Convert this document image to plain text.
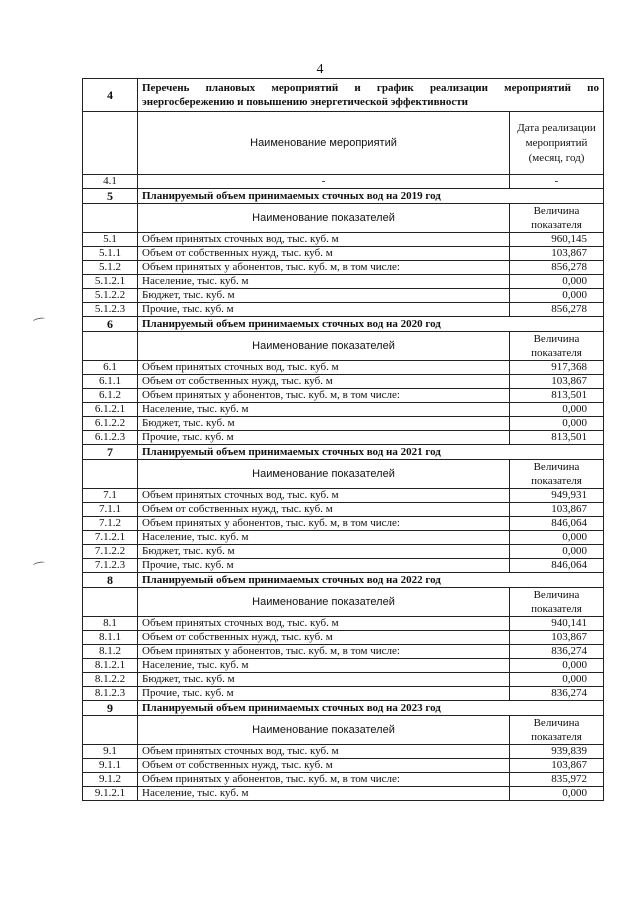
4
4	Перечень плановых мероприятий и график реализации мероприятий по энергосбережению и повышению энергетической эффективности	
	Наименование мероприятий	Дата реализации мероприятий (месяц, год)
4.1	-	-
5	Планируемый объем принимаемых сточных вод на 2019 год	
	Наименование показателей	Величина показателя
5.1	Объем принятых сточных вод, тыс. куб. м	960,145
5.1.1	Объем от собственных нужд, тыс. куб. м	103,867
5.1.2	Объем принятых у абонентов, тыс. куб. м, в том числе:	856,278
5.1.2.1	Население, тыс. куб. м	0,000
5.1.2.2	Бюджет, тыс. куб. м	0,000
5.1.2.3	Прочие, тыс. куб. м	856,278
6	Планируемый объем принимаемых сточных вод на 2020 год	
	Наименование показателей	Величина показателя
6.1	Объем принятых сточных вод, тыс. куб. м	917,368
6.1.1	Объем от собственных нужд, тыс. куб. м	103,867
6.1.2	Объем принятых у абонентов, тыс. куб. м, в том числе:	813,501
6.1.2.1	Население, тыс. куб. м	0,000
6.1.2.2	Бюджет, тыс. куб. м	0,000
6.1.2.3	Прочие, тыс. куб. м	813,501
7	Планируемый объем принимаемых сточных вод на 2021 год	
	Наименование показателей	Величина показателя
7.1	Объем принятых сточных вод, тыс. куб. м	949,931
7.1.1	Объем от собственных нужд, тыс. куб. м	103,867
7.1.2	Объем принятых у абонентов, тыс. куб. м, в том числе:	846,064
7.1.2.1	Население, тыс. куб. м	0,000
7.1.2.2	Бюджет, тыс. куб. м	0,000
7.1.2.3	Прочие, тыс. куб. м	846,064
8	Планируемый объем принимаемых сточных вод на 2022 год	
	Наименование показателей	Величина показателя
8.1	Объем принятых сточных вод, тыс. куб. м	940,141
8.1.1	Объем от собственных нужд, тыс. куб. м	103,867
8.1.2	Объем принятых у абонентов, тыс. куб. м, в том числе:	836,274
8.1.2.1	Население, тыс. куб. м	0,000
8.1.2.2	Бюджет, тыс. куб. м	0,000
8.1.2.3	Прочие, тыс. куб. м	836,274
9	Планируемый объем принимаемых сточных вод на 2023 год	
	Наименование показателей	Величина показателя
9.1	Объем принятых сточных вод, тыс. куб. м	939,839
9.1.1	Объем от собственных нужд, тыс. куб. м	103,867
9.1.2	Объем принятых у абонентов, тыс. куб. м, в том числе:	835,972
9.1.2.1	Население, тыс. куб. м	0,000
